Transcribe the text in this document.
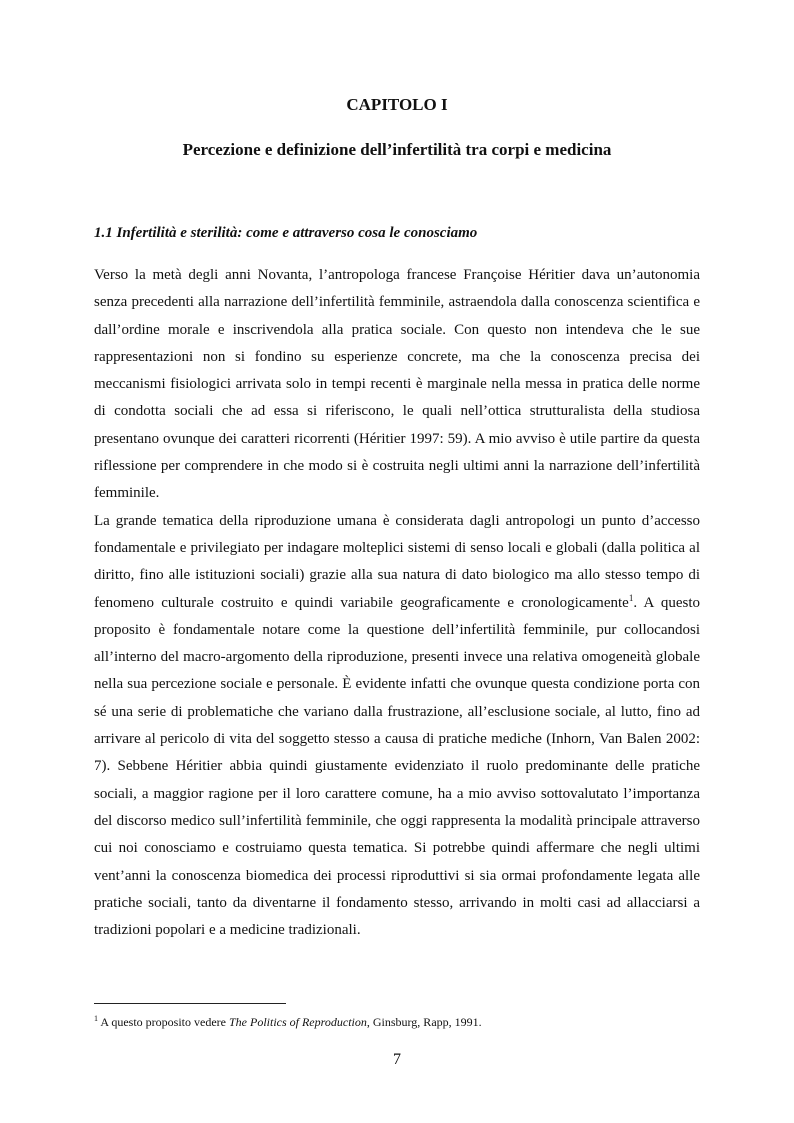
CAPITOLO I
Percezione e definizione dell’infertilità tra corpi e medicina
1.1 Infertilità e sterilità: come e attraverso cosa le conosciamo

Verso la metà degli anni Novanta, l’antropologa francese Françoise Héritier dava un’autonomia senza precedenti alla narrazione dell’infertilità femminile, astraendola dalla conoscenza scientifica e dall’ordine morale e inscrivendola alla pratica sociale. Con questo non intendeva che le sue rappresentazioni non si fondino su esperienze concrete, ma che la conoscenza precisa dei meccanismi fisiologici arrivata solo in tempi recenti è marginale nella messa in pratica delle norme di condotta sociali che ad essa si riferiscono, le quali nell’ottica strutturalista della studiosa presentano ovunque dei caratteri ricorrenti (Héritier 1997: 59). A mio avviso è utile partire da questa riflessione per comprendere in che modo si è costruita negli ultimi anni la narrazione dell’infertilità femminile.

La grande tematica della riproduzione umana è considerata dagli antropologi un punto d’accesso fondamentale e privilegiato per indagare molteplici sistemi di senso locali e globali (dalla politica al diritto, fino alle istituzioni sociali) grazie alla sua natura di dato biologico ma allo stesso tempo di fenomeno culturale costruito e quindi variabile geograficamente e cronologicamente$^1$. A questo proposito è fondamentale notare come la questione dell’infertilità femminile, pur collocandosi all’interno del macro-argomento della riproduzione, presenti invece una relativa omogeneità globale nella sua percezione sociale e personale. È evidente infatti che ovunque questa condizione porta con sé una serie di problematiche che variano dalla frustrazione, all’esclusione sociale, al lutto, fino ad arrivare al pericolo di vita del soggetto stesso a causa di pratiche mediche (Inhorn, Van Balen 2002: 7). Sebbene Héritier abbia quindi giustamente evidenziato il ruolo predominante delle pratiche sociali, a maggior ragione per il loro carattere comune, ha a mio avviso sottovalutato l’importanza del discorso medico sull’infertilità femminile, che oggi rappresenta la modalità principale attraverso cui noi conosciamo e costruiamo questa tematica. Si potrebbe quindi affermare che negli ultimi vent’anni la conoscenza biomedica dei processi riproduttivi si sia ormai profondamente legata alle pratiche sociali, tanto da diventarne il fondamento stesso, arrivando in molti casi ad allacciarsi a tradizioni popolari e a medicine tradizionali.

$^1$ A questo proposito vedere The Politics of Reproduction, Ginsburg, Rapp, 1991.

7
